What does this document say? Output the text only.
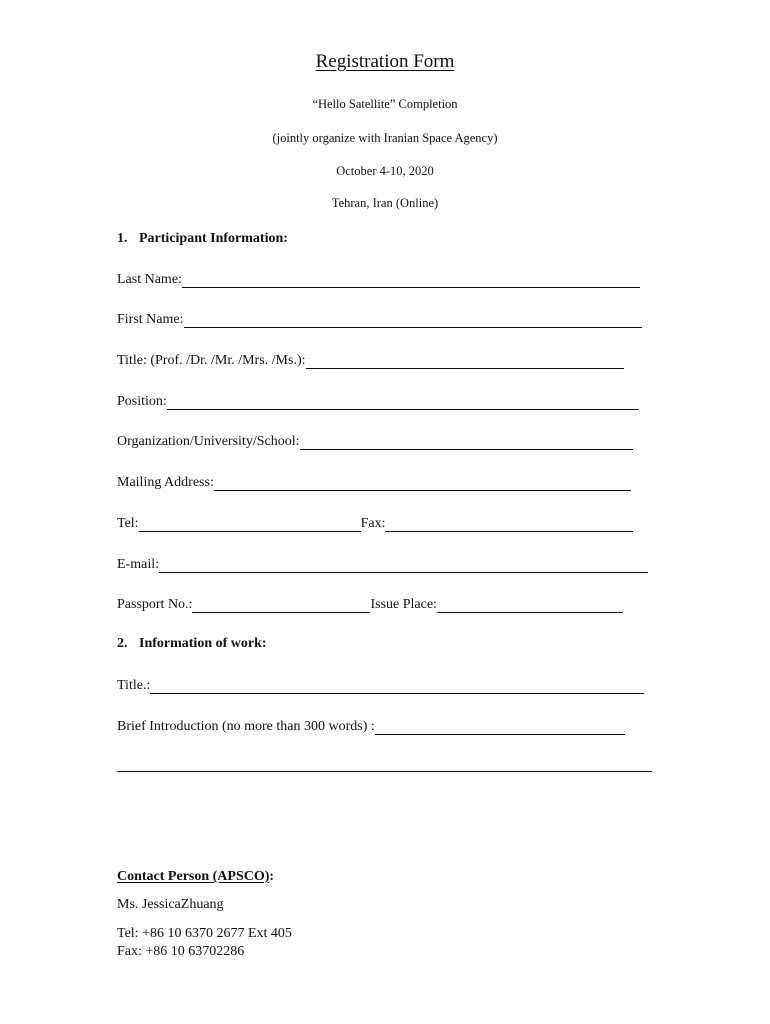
Registration Form
“Hello Satellite” Completion
(jointly organize with Iranian Space Agency)
October 4-10, 2020
Tehran, Iran (Online)
1. Participant Information:
Last Name:
First Name:
Title: (Prof. /Dr. /Mr. /Mrs. /Ms.):
Position:
Organization/University/School:
Mailing Address:
Tel:	Fax:
E-mail:
Passport No.:	Issue Place:
2. Information of work:
Title.:
Brief Introduction (no more than 300 words) :
Contact Person (APSCO):
Ms. JessicaZhuang
Tel: +86 10 6370 2677 Ext 405
Fax: +86 10 63702286
